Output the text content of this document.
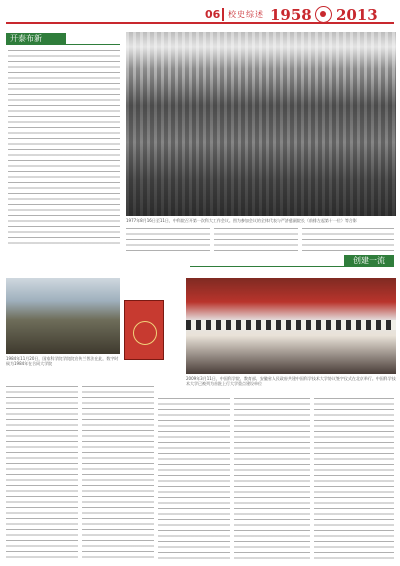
06 校史综述 1958 2013
开泰布新
1977年8月16日至11日，中科院召开第一次科大工作会议。图为参加会议的全体代表与严济慈副院长（前排左起第十一位）等合影
创建一流
1984年11月20日，国家科学院学院院宣传兰普法在此，数字时候为1984年在合同大学院
2009年3月11日，中国科学院、教育部、安徽省人民政府共建中国科学技术大学协议签字仪式在北京举行。中国科学技术大学已被列为首批上行大学重点建设单位
